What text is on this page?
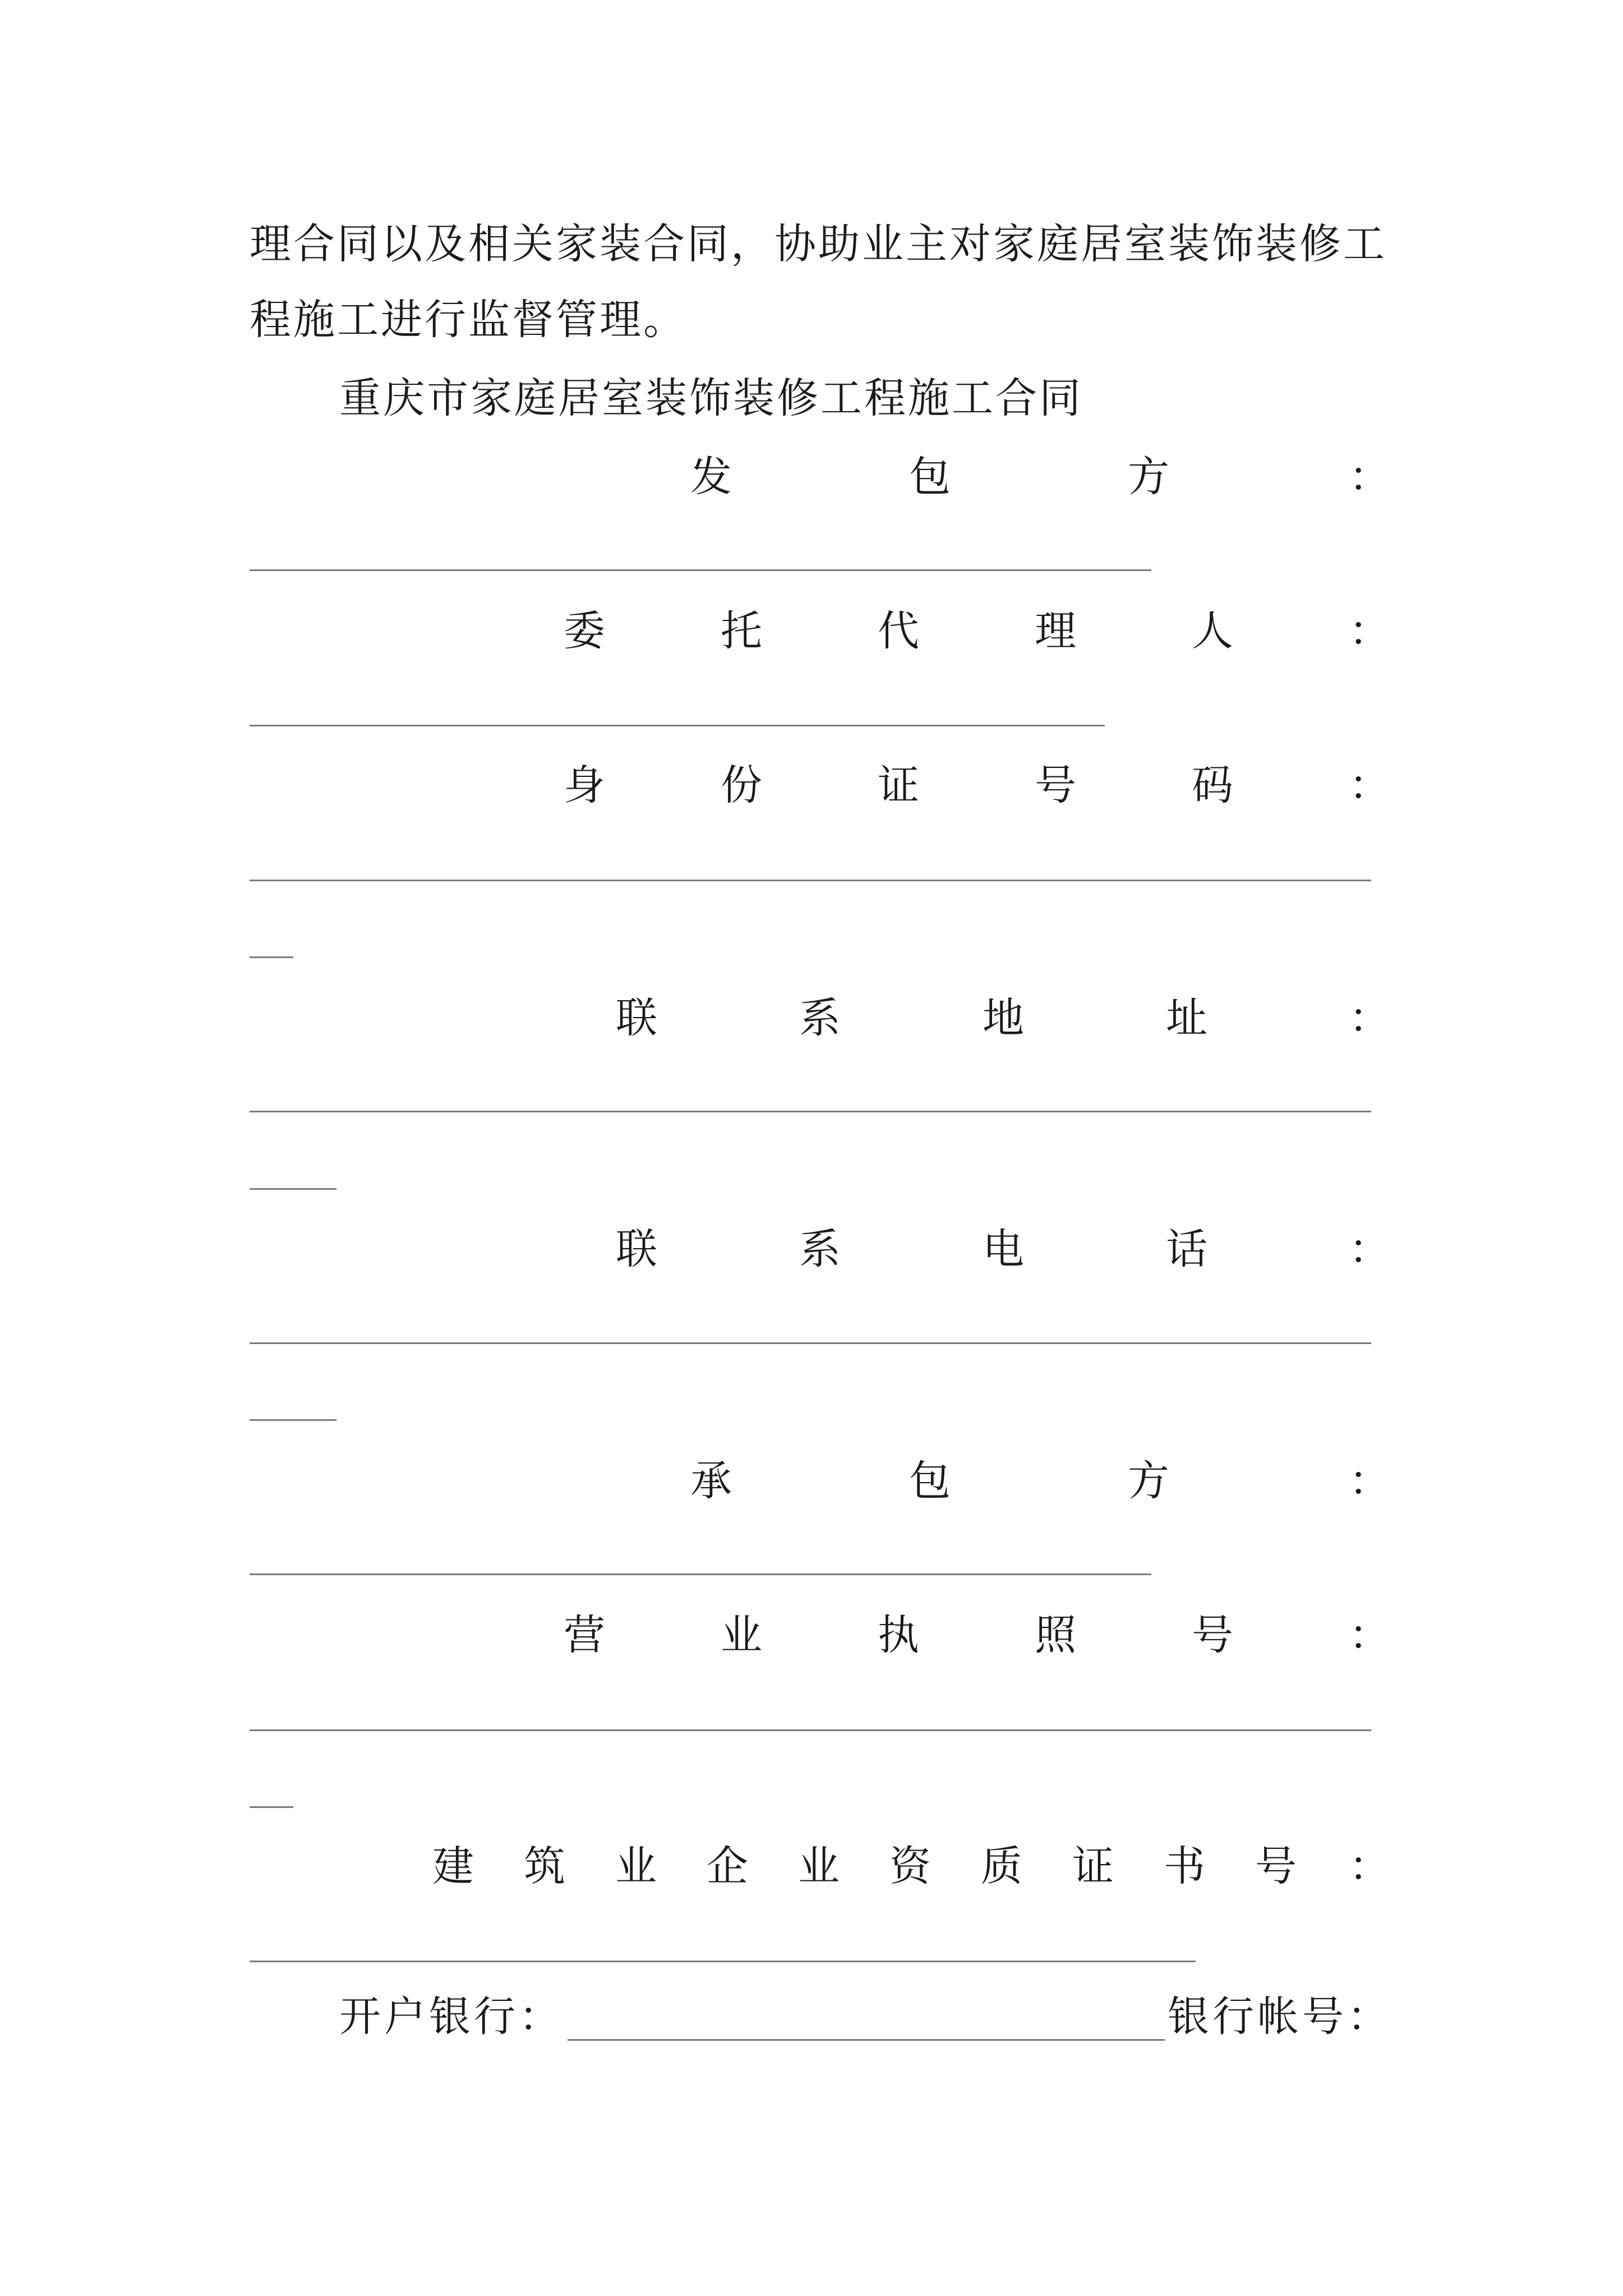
理合同以及相关家装合同，协助业主对家庭居室装饰装修工

程施工进行监督管理。

重庆市家庭居室装饰装修工程施工合同

发	包	方	：
委	托	代	理	人	：
身	份	证	号	码	：
联	系	地	址	：
联	系	电	话	：
承	包	方	：
营	业	执	照	号	：
建 筑 业 企 业 资 质 证 书 号 ：
开户银行：	银行帐号：
